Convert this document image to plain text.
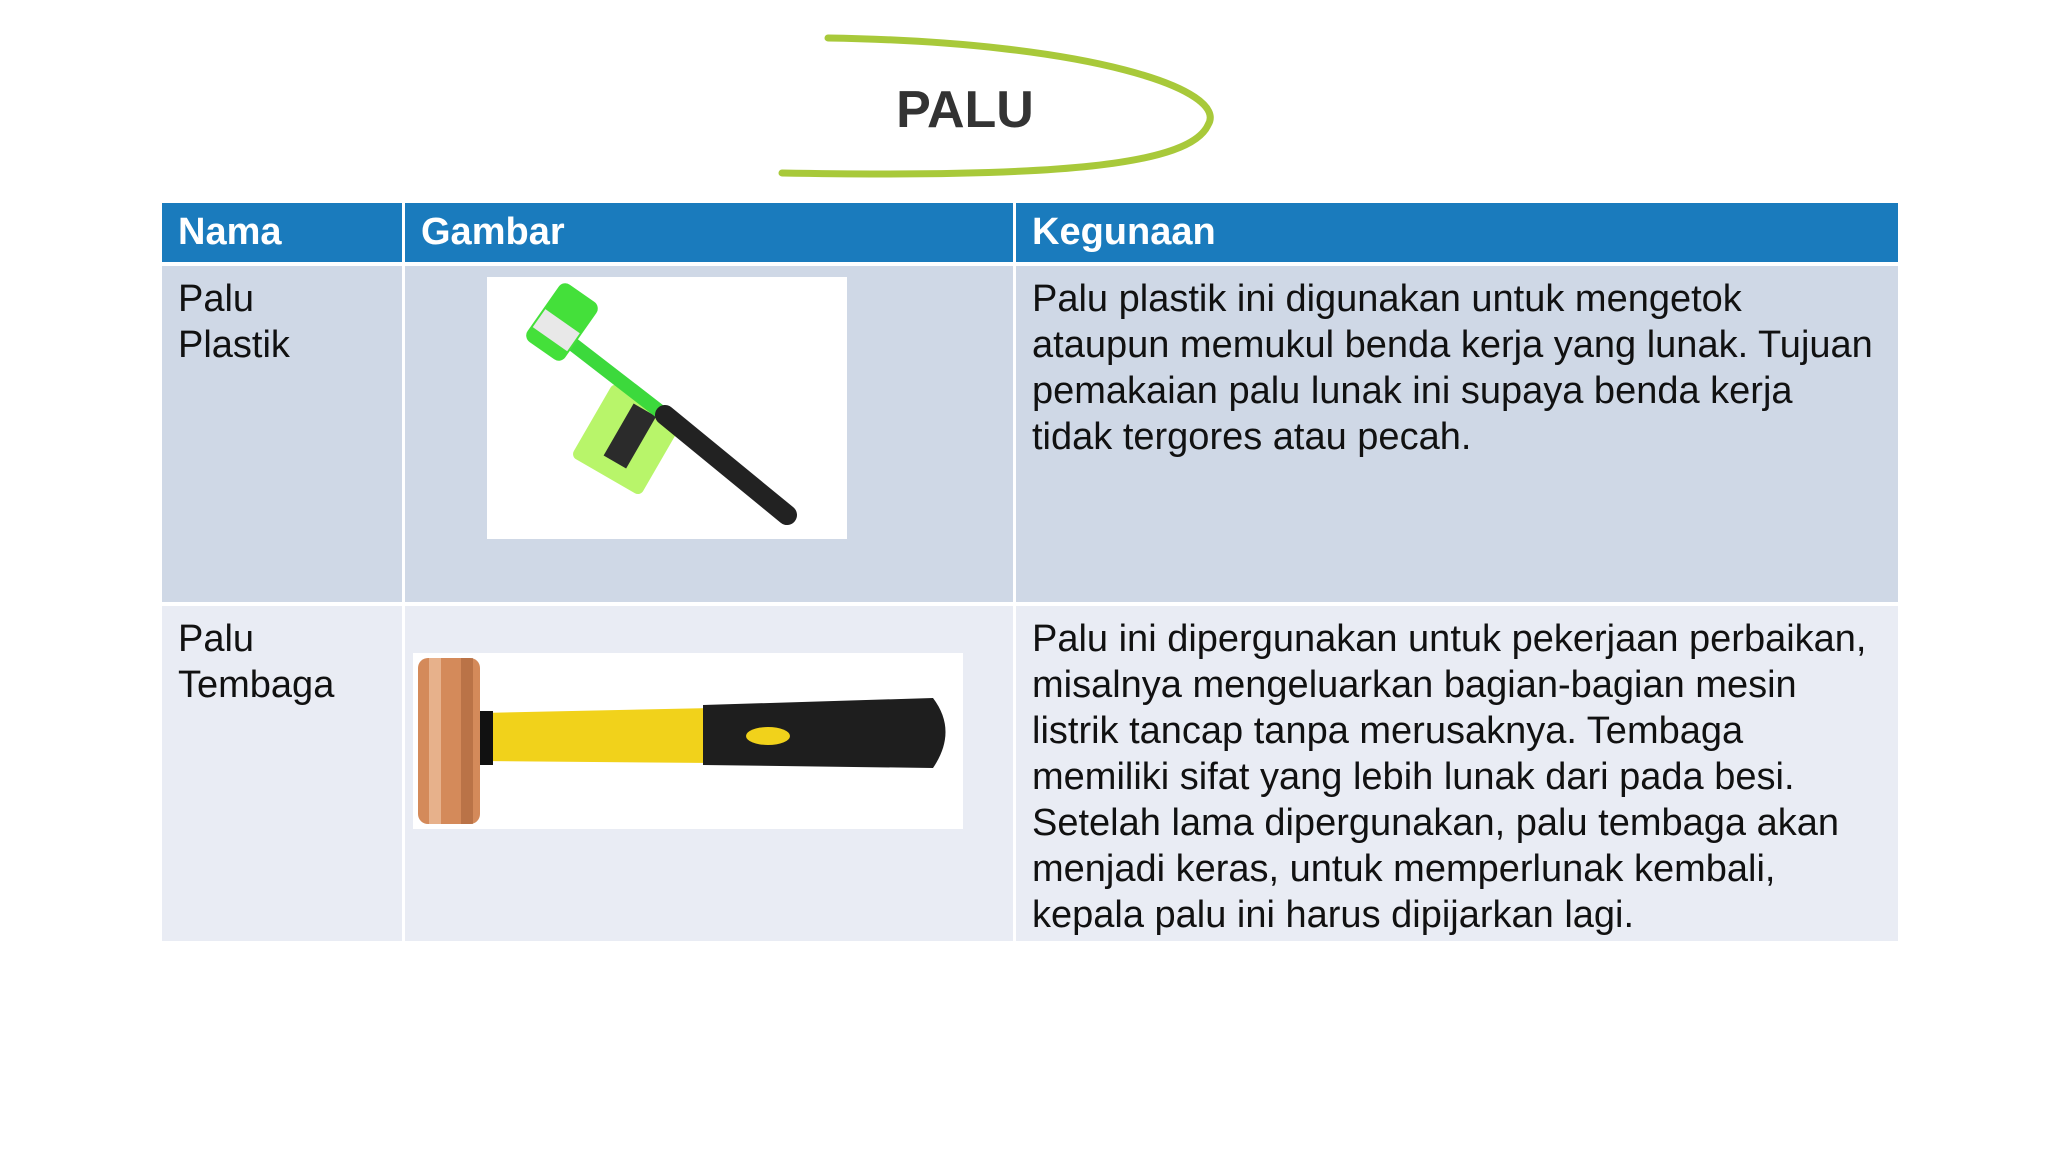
PALU
Nama	Gambar	Kegunaan
Palu
Plastik
Palu plastik ini digunakan untuk mengetok ataupun memukul benda kerja yang lunak. Tujuan pemakaian palu lunak ini supaya benda kerja tidak tergores atau pecah.
Palu
Tembaga
Palu ini dipergunakan untuk pekerjaan perbaikan, misalnya mengeluarkan bagian-bagian mesin listrik tancap tanpa merusaknya. Tembaga memiliki sifat yang lebih lunak dari pada besi. Setelah lama dipergunakan, palu tembaga akan menjadi keras, untuk memperlunak kembali, kepala palu ini harus dipijarkan lagi.
